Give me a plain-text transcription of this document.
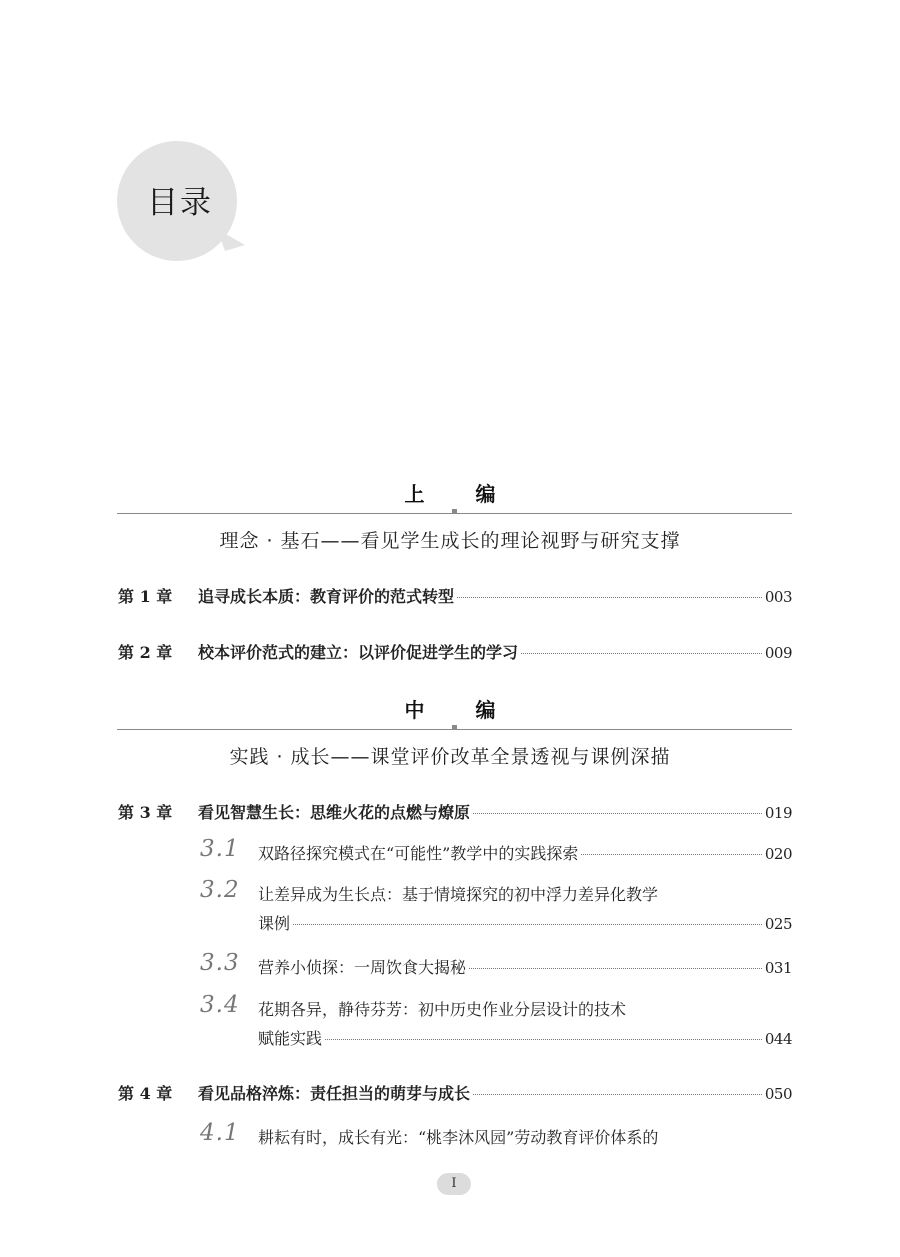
目录
上 编
理念 · 基石——看见学生成长的理论视野与研究支撑
第 1 章	追寻成长本质：教育评价的范式转型	003
第 2 章	校本评价范式的建立：以评价促进学生的学习	009
中 编
实践 · 成长——课堂评价改革全景透视与课例深描
第 3 章	看见智慧生长：思维火花的点燃与燎原	019
3.1 双路径探究模式在“可能性”教学中的实践探索	020
3.2 让差异成为生长点：基于情境探究的初中浮力差异化教学
课例	025
3.3 营养小侦探：一周饮食大揭秘	031
3.4 花期各异，静待芬芳：初中历史作业分层设计的技术
赋能实践	044
第 4 章	看见品格淬炼：责任担当的萌芽与成长	050
4.1 耕耘有时，成长有光：“桃李沐风园”劳动教育评价体系的
I
